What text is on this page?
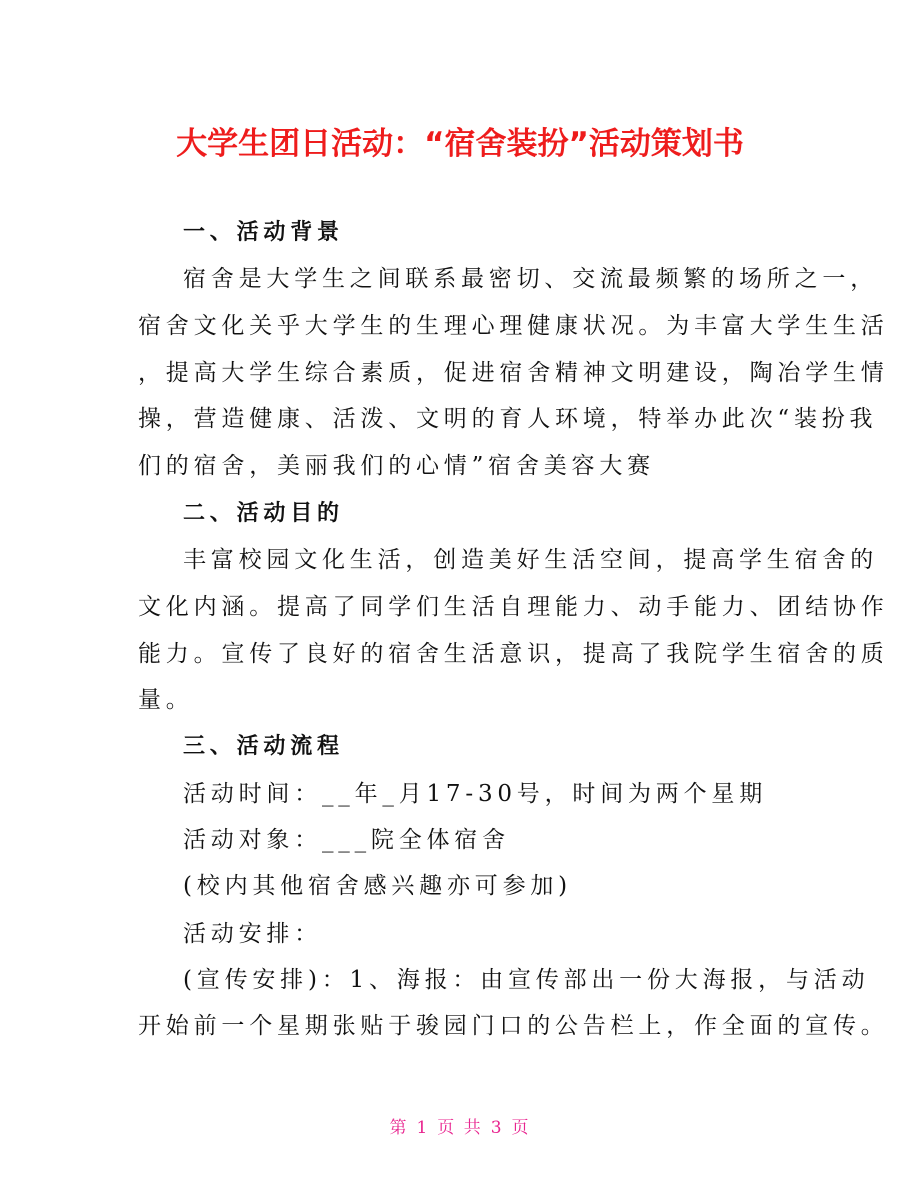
大学生团日活动：“宿舍装扮”活动策划书
一、活动背景
宿舍是大学生之间联系最密切、交流最频繁的场所之一，
宿舍文化关乎大学生的生理心理健康状况。为丰富大学生生活
，提高大学生综合素质，促进宿舍精神文明建设，陶冶学生情
操，营造健康、活泼、文明的育人环境，特举办此次“装扮我
们的宿舍，美丽我们的心情”宿舍美容大赛
二、活动目的
丰富校园文化生活，创造美好生活空间，提高学生宿舍的
文化内涵。提高了同学们生活自理能力、动手能力、团结协作
能力。宣传了良好的宿舍生活意识，提高了我院学生宿舍的质
量。
三、活动流程
活动时间：__年_月17-30号，时间为两个星期
活动对象：___院全体宿舍
(校内其他宿舍感兴趣亦可参加)
活动安排：
(宣传安排)：1、海报：由宣传部出一份大海报，与活动
开始前一个星期张贴于骏园门口的公告栏上，作全面的宣传。
第 1 页 共 3 页
